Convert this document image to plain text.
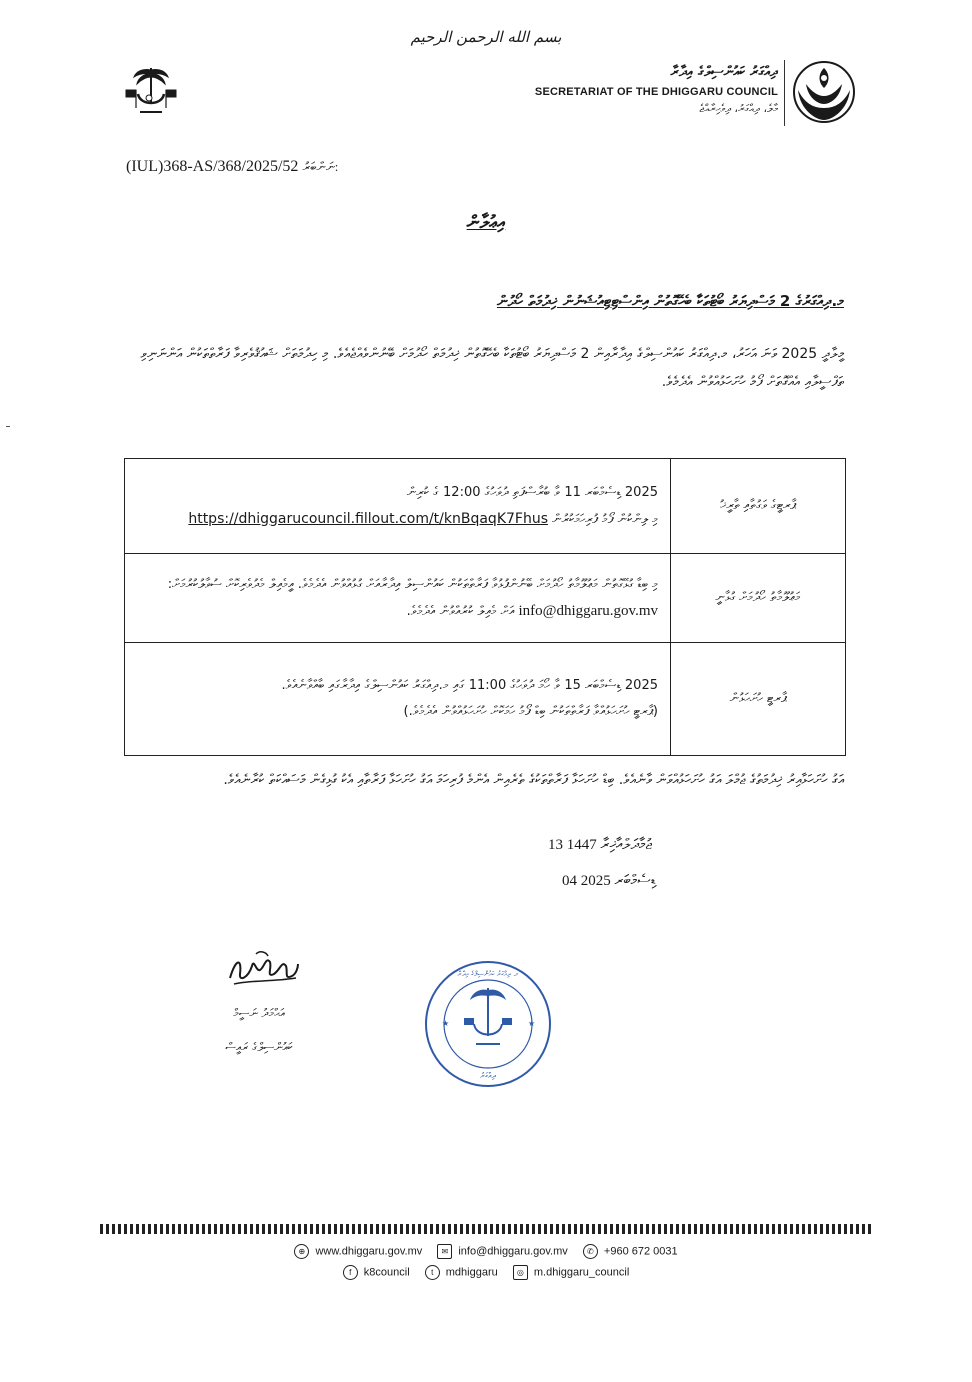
بسم الله الرحمن الرحيم
ދިއްގަރު ކައުންސިލްގެ އިދާރާ
SECRETARIAT OF THE DHIGGARU COUNCIL
މާލެ، ދިއްގަރު، ދިވެހިރާއްޖެ
(IUL)368-AS/368/2025/52 ނަންބަރު:
އިޢުލާން
މ.ދިއްގަރުގެ 2 މަސްދިޔަރު ބޯޓުތަކާ ބެހޭގޮތުން އިންސްޓިޓިއުޝަނުން ޚިދުމަތް ހޯދުން
މީލާދީ 2025 ވަނަ އަހަރު، މ.ދިއްގަރު ކައުންސިލްގެ އިދާރާއިން 2 މަސްދިޔަރު ބޯޓުތަކާ ބެހޭގޮތުން ޚިދުމަތް ހޯދުމަށް ބޭނުންވެއްޖެއެވެ. މި ހިދުމަތަށް ޝައުޤުވެރިވާ ފަރާތްތަކުން އަންނަނިވި ތަފްސީލާއި އެއްގޮތަށް ފޯމު ހުށަހަޅުއްވުން އެދެމެވެ.
ޕާރޓީގެ ވަގުތާއި ތާރީޚު	2025 ޑިސެމްބަރ 11 ވާ ބުރާސްފަތި ދުވަހުގެ 12:00 ގެ ކުރިން
މި ލިންކުން ފޯމު ފުރިހަމަކުރުން https://dhiggarucouncil.fillout.com/t/knBqaqK7Fhus

މަޢުލޫމާތު ހޯދުމަށް ގުޅާނީ	މި ބިޑާ ގުޅޭގޮތުން މަޢުލޫމާތު ހޯދުމަށް ބޭނުންފުޅުވާ ފަރާތްތަކުން ކައުންސިލް އިދާރާއަށް ގުޅުއްވުން އެދެމެވެ. އީމެއިލް މެދުވެރިކޮށް ސުވާލުކުރުމަށް: info@dhiggaru.gov.mv އަށް މެއިލް ކުރުއްވުން އެދެމެވެ.
ޕާރޓީ ހުށަހަޅުން	2025 ޑިސެމްބަރ 15 ވާ ހޯމަ ދުވަހުގެ 11:00 ގައި މ.ދިއްގަރު ކައުންސިލްގެ އިދާރާގައި ބާއްވާނެއެވެ.
(ޕާރޓީ ހުށަހަޅުއްވާ ފަރާތްތަކުން ބިޑް ފޯމު ހަމަކޮށް ހުށަހަޅުއްވުން އެދެމެވެ.)
އަގު ހުށަހަޅާއިރު ޚިދުމަތުގެ ޖުމްލަ އަގު ހުށަހަޅުއްވަން ވާނެއެވެ. ބިޑް ހުށަހަޅާ ފަރާތްތަކުގެ ތެރެއިން އެންމެ ފުރިހަމަ އަގު ހުށަހަޅާ ފަރާތާއި އެކު ގުޅިގެން މަސައްކަތް ކުރާނެއެވެ.
13	ޖުމާދަލްއާޚިރާ 1447
04	ޑިސެމްބަރ 2025
އަޙްމަދު ނަސީމް
ކައުންސިލްގެ ރައީސް
★	★
މ. ދިއްގަރު ކައުންސިލްގެ އިދާރާ
ދިއްގަރު
⊕ www.dhiggaru.gov.mv ✉ info@dhiggaru.gov.mv ✆ +960 672 0031
f k8council	t mdhiggaru ◎ m.dhiggaru_council
